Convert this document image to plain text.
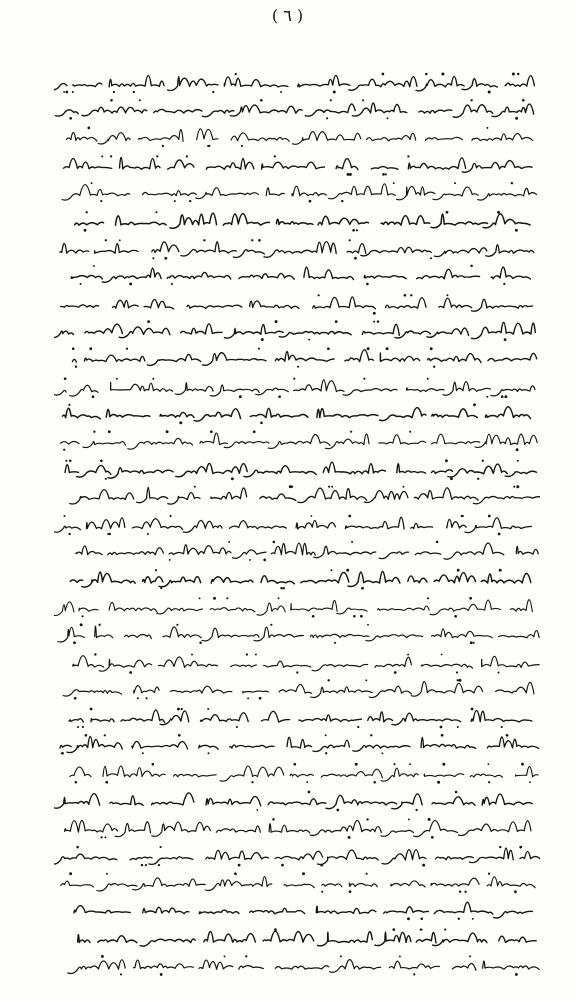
( ٦ )
